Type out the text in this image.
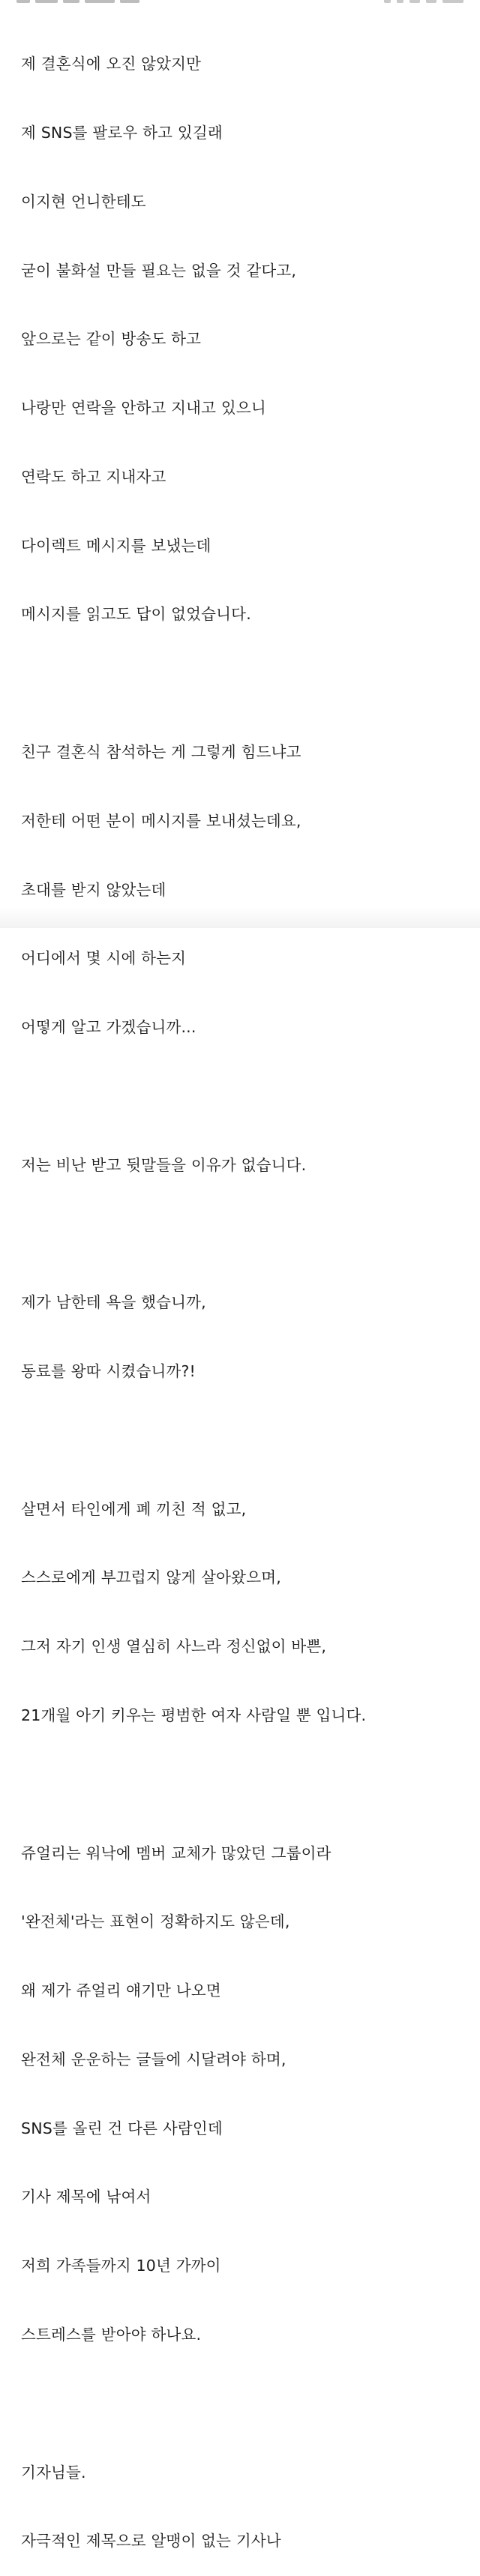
제 결혼식에 오진 않았지만

제 SNS를 팔로우 하고 있길래

이지현 언니한테도

굳이 불화설 만들 필요는 없을 것 같다고,

앞으로는 같이 방송도 하고

나랑만 연락을 안하고 지내고 있으니

연락도 하고 지내자고

다이렉트 메시지를 보냈는데

메시지를 읽고도 답이 없었습니다.

친구 결혼식 참석하는 게 그렇게 힘드냐고

저한테 어떤 분이 메시지를 보내셨는데요,

초대를 받지 않았는데

어디에서 몇 시에 하는지

어떻게 알고 가겠습니까...

저는 비난 받고 뒷말들을 이유가 없습니다.

제가 남한테 욕을 했습니까,

동료를 왕따 시켰습니까?!

살면서 타인에게 폐 끼친 적 없고,

스스로에게 부끄럽지 않게 살아왔으며,

그저 자기 인생 열심히 사느라 정신없이 바쁜,

21개월 아기 키우는 평범한 여자 사람일 뿐 입니다.

쥬얼리는 워낙에 멤버 교체가 많았던 그룹이라

'완전체'라는 표현이 정확하지도 않은데,

왜 제가 쥬얼리 얘기만 나오면

완전체 운운하는 글들에 시달려야 하며,

SNS를 올린 건 다른 사람인데

기사 제목에 낚여서

저희 가족들까지 10년 가까이

스트레스를 받아야 하나요.

기자님들.

자극적인 제목으로 알맹이 없는 기사나
